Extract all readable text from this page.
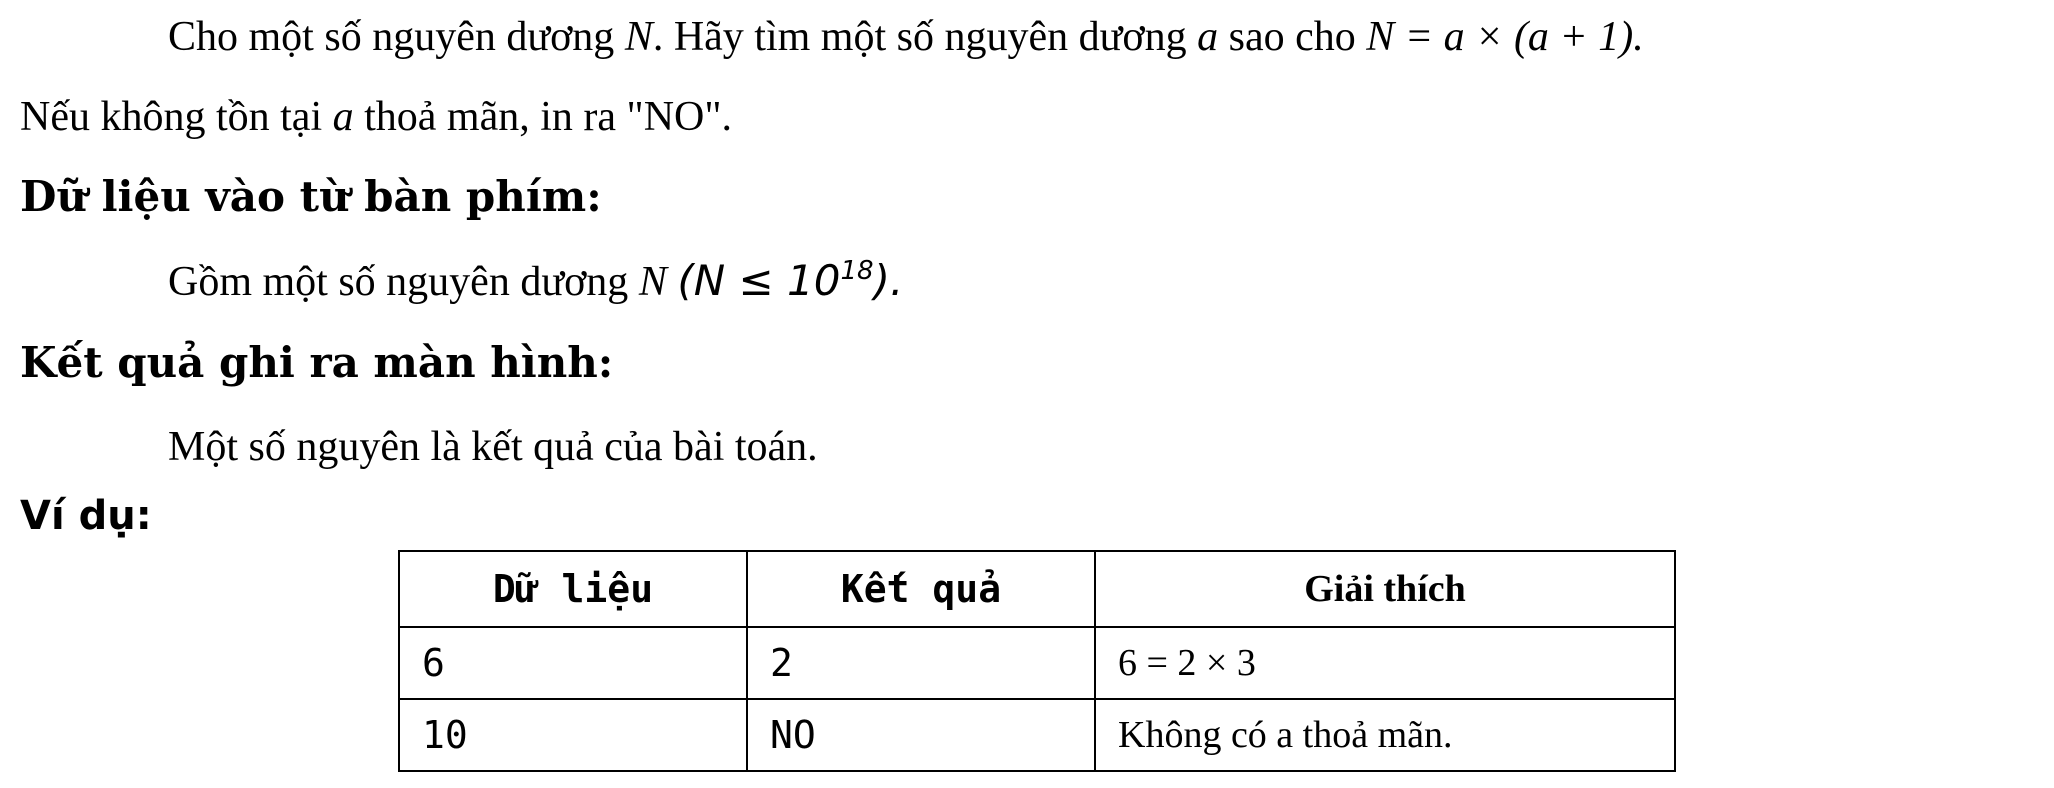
Cho một số nguyên dương N. Hãy tìm một số nguyên dương a sao cho N = a × (a + 1).
Nếu không tồn tại a thoả mãn, in ra "NO".
Dữ liệu vào từ bàn phím:
Gồm một số nguyên dương N $(N \le 10^{18})$.
Kết quả ghi ra màn hình:
Một số nguyên là kết quả của bài toán.
Ví dụ:
Dữ liệu	Kết quả	Giải thích
6	2	6 = 2 × 3
10	NO	Không có a thoả mãn.
